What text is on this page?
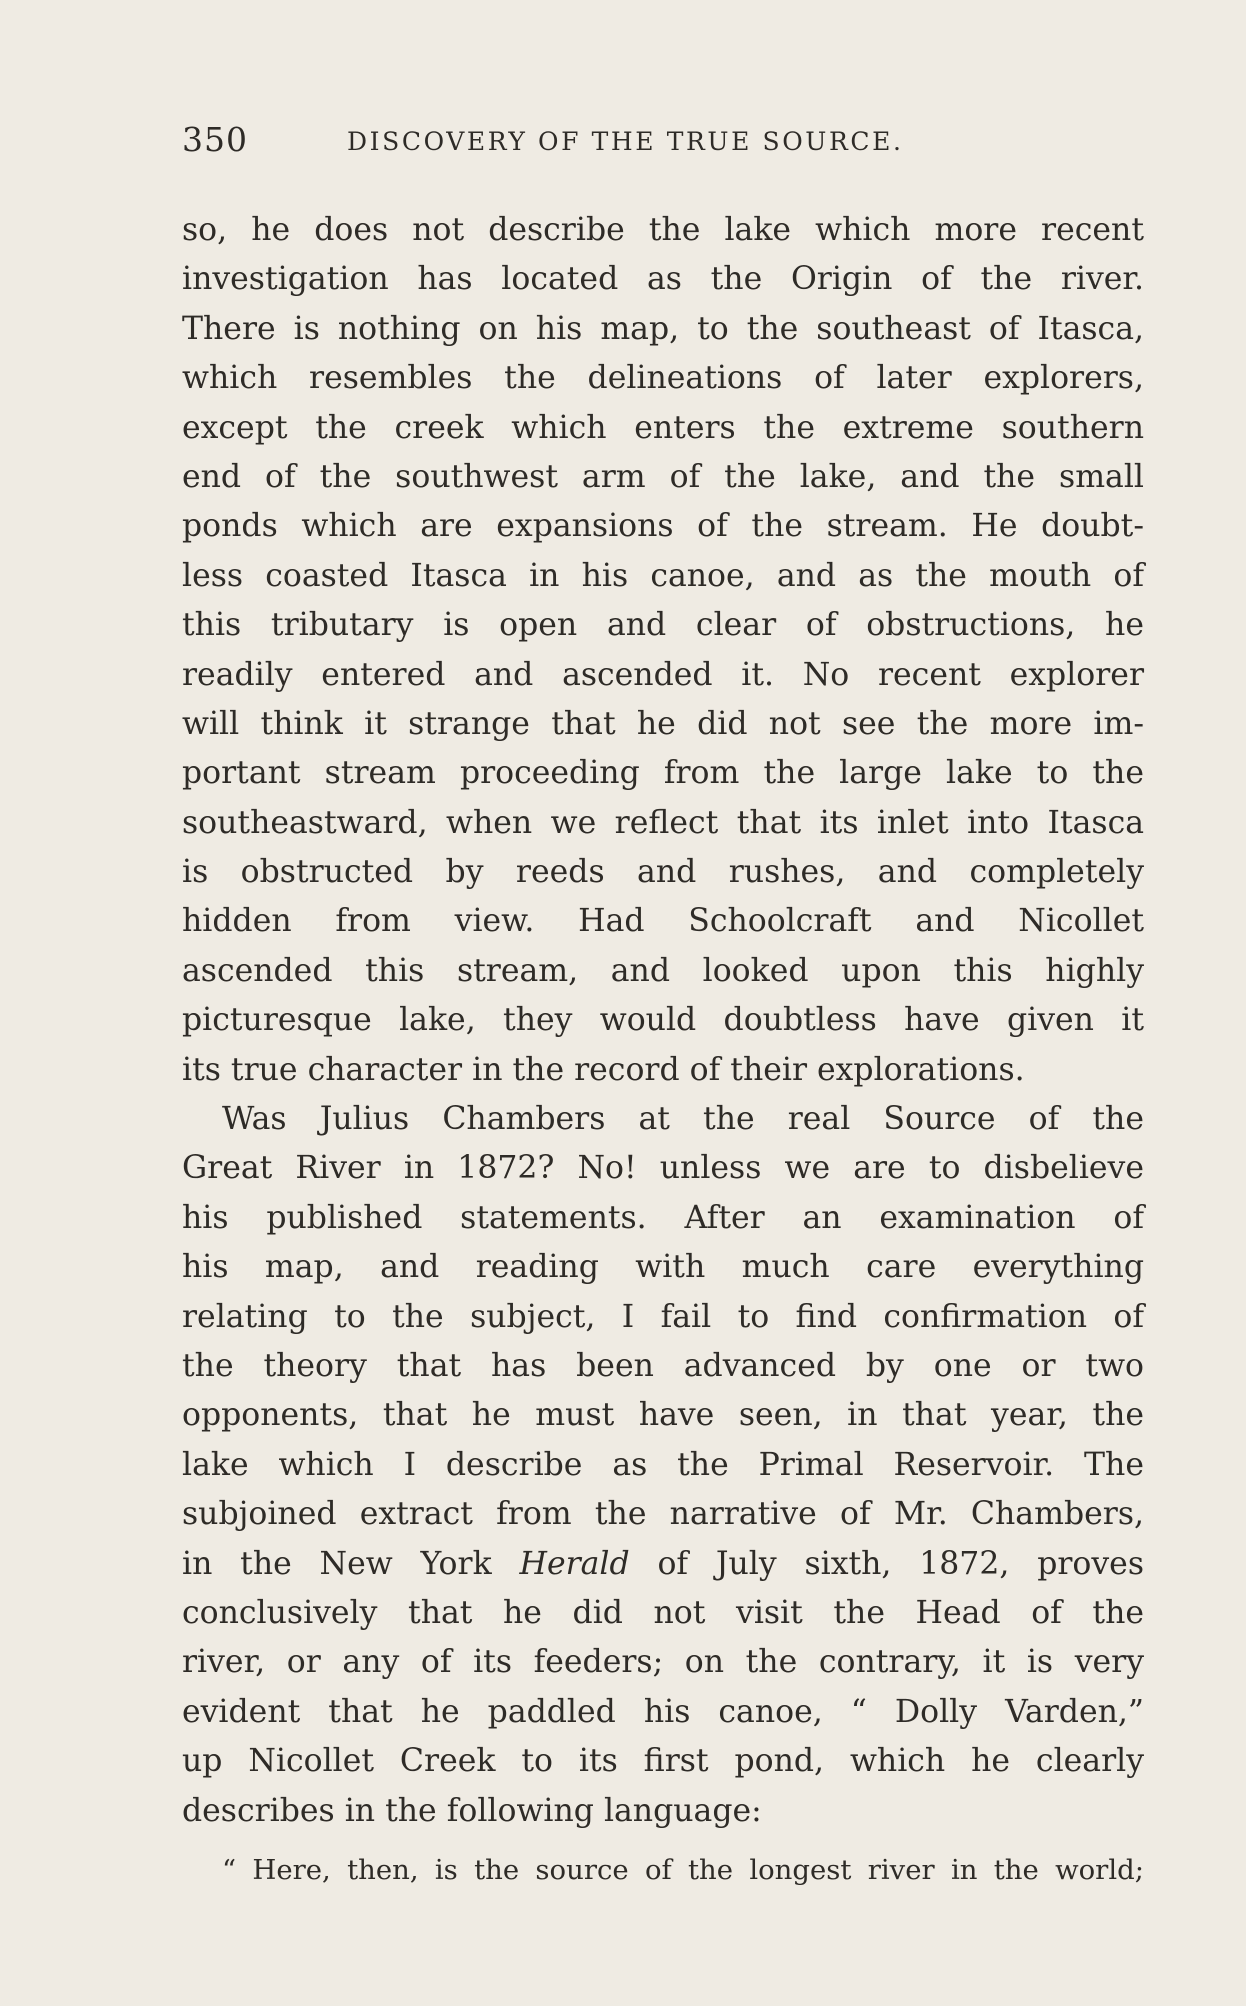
350	DISCOVERY OF THE TRUE SOURCE.
so, he does not describe the lake which more recent
investigation has located as the Origin of the river.
There is nothing on his map, to the southeast of Itasca,
which resembles the delineations of later explorers,
except the creek which enters the extreme southern
end of the southwest arm of the lake, and the small
ponds which are expansions of the stream. He doubt-
less coasted Itasca in his canoe, and as the mouth of
this tributary is open and clear of obstructions, he
readily entered and ascended it. No recent explorer
will think it strange that he did not see the more im-
portant stream proceeding from the large lake to the
southeastward, when we reflect that its inlet into Itasca
is obstructed by reeds and rushes, and completely
hidden from view. Had Schoolcraft and Nicollet
ascended this stream, and looked upon this highly
picturesque lake, they would doubtless have given it
its true character in the record of their explorations.
Was Julius Chambers at the real Source of the
Great River in 1872? No! unless we are to disbelieve
his published statements. After an examination of
his map, and reading with much care everything
relating to the subject, I fail to find confirmation of
the theory that has been advanced by one or two
opponents, that he must have seen, in that year, the
lake which I describe as the Primal Reservoir. The
subjoined extract from the narrative of Mr. Chambers,
in the New York Herald of July sixth, 1872, proves
conclusively that he did not visit the Head of the
river, or any of its feeders; on the contrary, it is very
evident that he paddled his canoe, “ Dolly Varden,”
up Nicollet Creek to its first pond, which he clearly
describes in the following language:
“ Here, then, is the source of the longest river in the world;
